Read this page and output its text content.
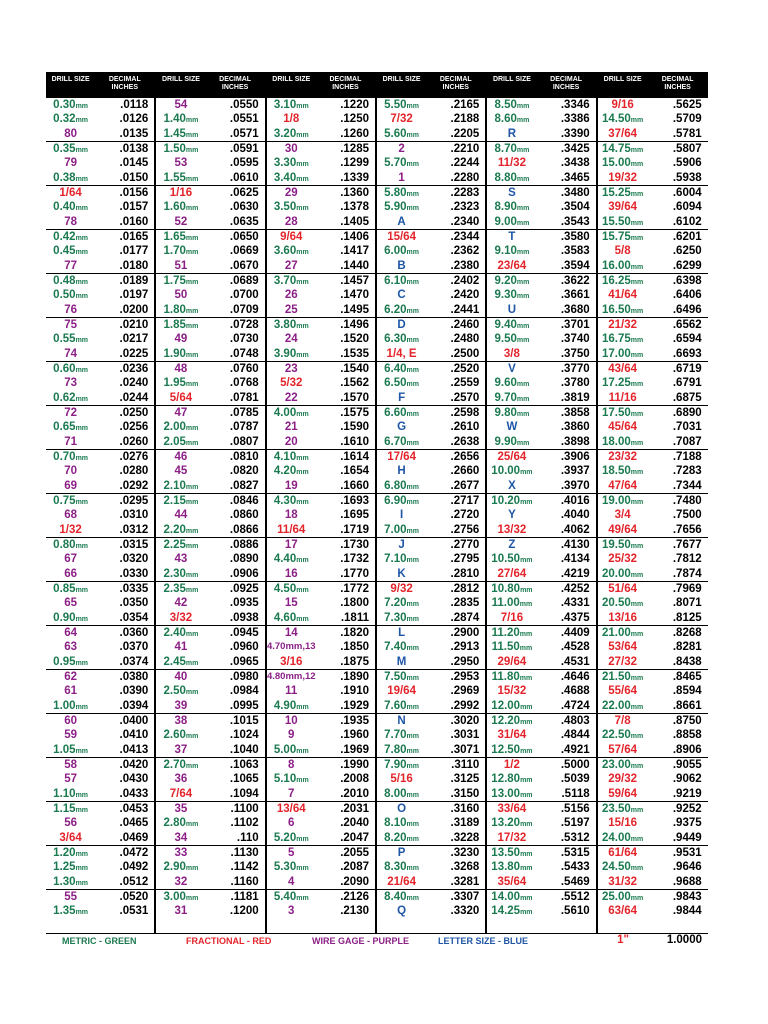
DRILL SIZE	DECIMAL INCHES
0.30mm	.0118
0.32mm	.0126
80	.0135
0.35mm	.0138
79	.0145
0.38mm	.0150
1/64	.0156
0.40mm	.0157
78	.0160
0.42mm	.0165
0.45mm	.0177
77	.0180
0.48mm	.0189
0.50mm	.0197
76	.0200
75	.0210
0.55mm	.0217
74	.0225
0.60mm	.0236
73	.0240
0.62mm	.0244
72	.0250
0.65mm	.0256
71	.0260
0.70mm	.0276
70	.0280
69	.0292
0.75mm	.0295
68	.0310
1/32	.0312
0.80mm	.0315
67	.0320
66	.0330
0.85mm	.0335
65	.0350
0.90mm	.0354
64	.0360
63	.0370
0.95mm	.0374
62	.0380
61	.0390
1.00mm	.0394
60	.0400
59	.0410
1.05mm	.0413
58	.0420
57	.0430
1.10mm	.0433
1.15mm	.0453
56	.0465
3/64	.0469
1.20mm	.0472
1.25mm	.0492
1.30mm	.0512
55	.0520
1.35mm	.0531
DRILL SIZE	DECIMAL INCHES
54	.0550
1.40mm	.0551
1.45mm	.0571
1.50mm	.0591
53	.0595
1.55mm	.0610
1/16	.0625
1.60mm	.0630
52	.0635
1.65mm	.0650
1.70mm	.0669
51	.0670
1.75mm	.0689
50	.0700
1.80mm	.0709
1.85mm	.0728
49	.0730
1.90mm	.0748
48	.0760
1.95mm	.0768
5/64	.0781
47	.0785
2.00mm	.0787
2.05mm	.0807
46	.0810
45	.0820
2.10mm	.0827
2.15mm	.0846
44	.0860
2.20mm	.0866
2.25mm	.0886
43	.0890
2.30mm	.0906
2.35mm	.0925
42	.0935
3/32	.0938
2.40mm	.0945
41	.0960
2.45mm	.0965
40	.0980
2.50mm	.0984
39	.0995
38	.1015
2.60mm	.1024
37	.1040
2.70mm	.1063
36	.1065
7/64	.1094
35	.1100
2.80mm	.1102
34	.110
33	.1130
2.90mm	.1142
32	.1160
3.00mm	.1181
31	.1200
DRILL SIZE	DECIMAL INCHES
3.10mm	.1220
1/8	.1250
3.20mm	.1260
30	.1285
3.30mm	.1299
3.40mm	.1339
29	.1360
3.50mm	.1378
28	.1405
9/64	.1406
3.60mm	.1417
27	.1440
3.70mm	.1457
26	.1470
25	.1495
3.80mm	.1496
24	.1520
3.90mm	.1535
23	.1540
5/32	.1562
22	.1570
4.00mm	.1575
21	.1590
20	.1610
4.10mm	.1614
4.20mm	.1654
19	.1660
4.30mm	.1693
18	.1695
11/64	.1719
17	.1730
4.40mm	.1732
16	.1770
4.50mm	.1772
15	.1800
4.60mm	.1811
14	.1820
4.70mm,13	.1850
3/16	.1875
4.80mm,12	.1890
11	.1910
4.90mm	.1929
10	.1935
9	.1960
5.00mm	.1969
8	.1990
5.10mm	.2008
7	.2010
13/64	.2031
6	.2040
5.20mm	.2047
5	.2055
5.30mm	.2087
4	.2090
5.40mm	.2126
3	.2130
DRILL SIZE	DECIMAL INCHES
5.50mm	.2165
7/32	.2188
5.60mm	.2205
2	.2210
5.70mm	.2244
1	.2280
5.80mm	.2283
5.90mm	.2323
A	.2340
15/64	.2344
6.00mm	.2362
B	.2380
6.10mm	.2402
C	.2420
6.20mm	.2441
D	.2460
6.30mm	.2480
1/4, E	.2500
6.40mm	.2520
6.50mm	.2559
F	.2570
6.60mm	.2598
G	.2610
6.70mm	.2638
17/64	.2656
H	.2660
6.80mm	.2677
6.90mm	.2717
I	.2720
7.00mm	.2756
J	.2770
7.10mm	.2795
K	.2810
9/32	.2812
7.20mm	.2835
7.30mm	.2874
L	.2900
7.40mm	.2913
M	.2950
7.50mm	.2953
19/64	.2969
7.60mm	.2992
N	.3020
7.70mm	.3031
7.80mm	.3071
7.90mm	.3110
5/16	.3125
8.00mm	.3150
O	.3160
8.10mm	.3189
8.20mm	.3228
P	.3230
8.30mm	.3268
21/64	.3281
8.40mm	.3307
Q	.3320
DRILL SIZE	DECIMAL INCHES
8.50mm	.3346
8.60mm	.3386
R	.3390
8.70mm	.3425
11/32	.3438
8.80mm	.3465
S	.3480
8.90mm	.3504
9.00mm	.3543
T	.3580
9.10mm	.3583
23/64	.3594
9.20mm	.3622
9.30mm	.3661
U	.3680
9.40mm	.3701
9.50mm	.3740
3/8	.3750
V	.3770
9.60mm	.3780
9.70mm	.3819
9.80mm	.3858
W	.3860
9.90mm	.3898
25/64	.3906
10.00mm	.3937
X	.3970
10.20mm	.4016
Y	.4040
13/32	.4062
Z	.4130
10.50mm	.4134
27/64	.4219
10.80mm	.4252
11.00mm	.4331
7/16	.4375
11.20mm	.4409
11.50mm	.4528
29/64	.4531
11.80mm	.4646
15/32	.4688
12.00mm	.4724
12.20mm	.4803
31/64	.4844
12.50mm	.4921
1/2	.5000
12.80mm	.5039
13.00mm	.5118
33/64	.5156
13.20mm	.5197
17/32	.5312
13.50mm	.5315
13.80mm	.5433
35/64	.5469
14.00mm	.5512
14.25mm	.5610
DRILL SIZE	DECIMAL INCHES
9/16	.5625
14.50mm	.5709
37/64	.5781
14.75mm	.5807
15.00mm	.5906
19/32	.5938
15.25mm	.6004
39/64	.6094
15.50mm	.6102
15.75mm	.6201
5/8	.6250
16.00mm	.6299
16.25mm	.6398
41/64	.6406
16.50mm	.6496
21/32	.6562
16.75mm	.6594
17.00mm	.6693
43/64	.6719
17.25mm	.6791
11/16	.6875
17.50mm	.6890
45/64	.7031
18.00mm	.7087
23/32	.7188
18.50mm	.7283
47/64	.7344
19.00mm	.7480
3/4	.7500
49/64	.7656
19.50mm	.7677
25/32	.7812
20.00mm	.7874
51/64	.7969
20.50mm	.8071
13/16	.8125
21.00mm	.8268
53/64	.8281
27/32	.8438
21.50mm	.8465
55/64	.8594
22.00mm	.8661
7/8	.8750
22.50mm	.8858
57/64	.8906
23.00mm	.9055
29/32	.9062
59/64	.9219
23.50mm	.9252
15/16	.9375
24.00mm	.9449
61/64	.9531
24.50mm	.9646
31/32	.9688
25.00mm	.9843
63/64	.9844
METRIC - GREEN	FRACTIONAL - RED	WIRE GAGE - PURPLE	LETTER SIZE - BLUE	1"	1.0000
